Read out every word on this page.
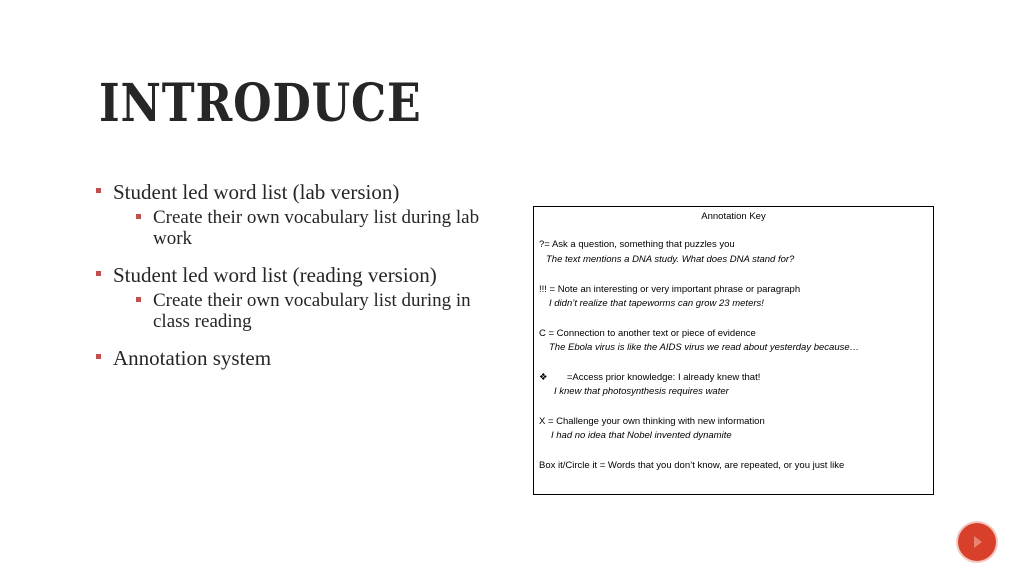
INTRODUCE
Student led word list (lab version)
Create their own vocabulary list during lab work
Student led word list (reading version)
Create their own vocabulary list during in class reading
Annotation system
Annotation Key
?= Ask a question, something that puzzles you
The text mentions a DNA study. What does DNA stand for?
!!! = Note an interesting or very important phrase or paragraph
I didn’t realize that tapeworms can grow 23 meters!
C = Connection to another text or piece of evidence
The Ebola virus is like the AIDS virus we read about yesterday because…
❖ =Access prior knowledge: I already knew that!
I knew that photosynthesis requires water
X = Challenge your own thinking with new information
I had no idea that Nobel invented dynamite
Box it/Circle it = Words that you don’t know, are repeated, or you just like
